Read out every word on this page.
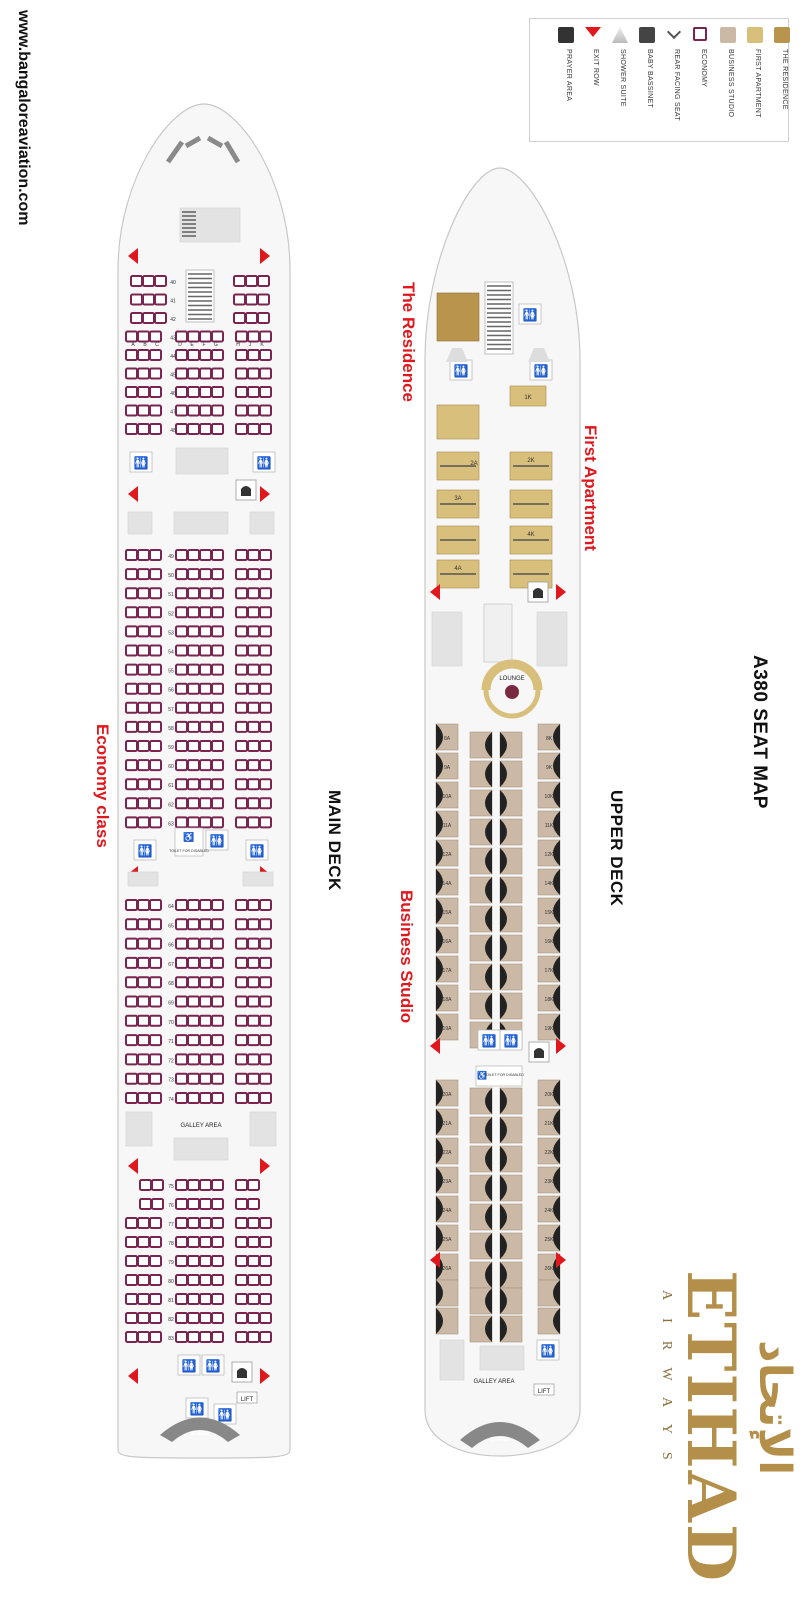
www.bangaloreaviation.com	THE RESIDENCE
FIRST APARTMENT
BUSINESS STUDIO
ECONOMY
REAR FACING SEAT
BABY BASSINET
SHOWER SUITE
EXIT ROW
PRAYER AREA
A380 SEAT MAP
UPPER DECK
MAIN DECK
The Residence
First Apartment
Business Studio
Economy class
STAIRS
40
41
42
43
44
45
46
47
48
A B C	D E F G	H J K
🚻	🚻
49
50
51
52
53
54
55
56
57
58
59
60
61
62
63
🚻
🚻
🚻
♿
TOILET FOR DISABLED
64
65
66
67
68
69
70
71
72
73
74
GALLEY AREA
75
76
77
78
79
80
81
82
83
🚻 🚻
🚻 🚻
LIFT
STAIRS
🚻
🚻	🚻
1K
2K
3A
4K
4A
2A
LOUNGE
8A	8K
9A	9K
10A	10K
11A	11K
12A	12K
14A	14K
15A	15K
16A	16K
17A	17K
18A	18K
19A	19K
🚻 🚻
♿
TOILET FOR DISABLED
20A	20K
21A	21K
22A	22K
23A	23K
24A	24K
25A	25K
26A	26K
GALLEY AREA
🚻
LIFT
STAIRS	الإتحاد
ETIHAD
AIRWAYS
